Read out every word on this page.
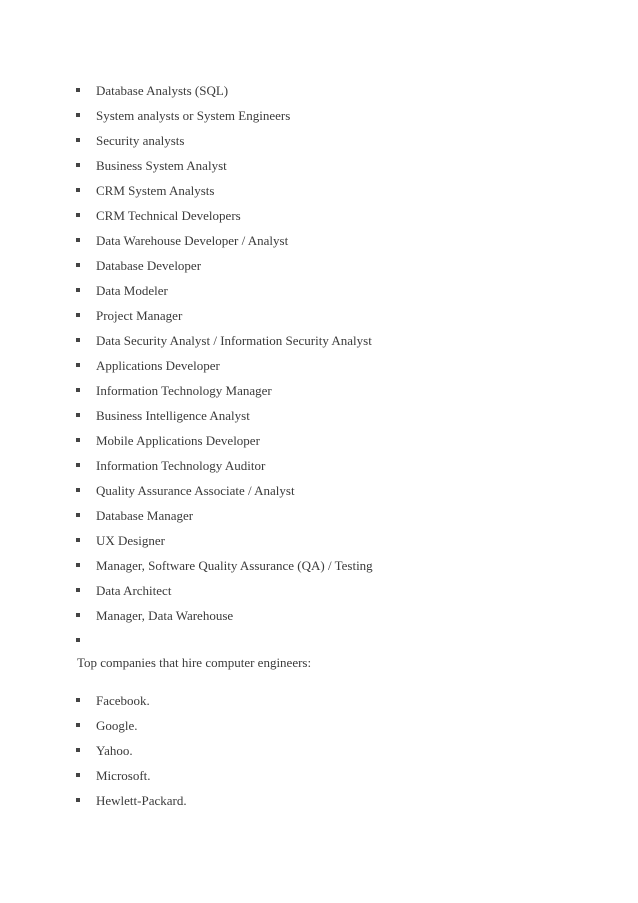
Database Analysts (SQL)
System analysts or System Engineers
Security analysts
Business System Analyst
CRM System Analysts
CRM Technical Developers
Data Warehouse Developer / Analyst
Database Developer
Data Modeler
Project Manager
Data Security Analyst / Information Security Analyst
Applications Developer
Information Technology Manager
Business Intelligence Analyst
Mobile Applications Developer
Information Technology Auditor
Quality Assurance Associate / Analyst
Database Manager
UX Designer
Manager, Software Quality Assurance (QA) / Testing
Data Architect
Manager, Data Warehouse
Top companies that hire computer engineers:
Facebook.
Google.
Yahoo.
Microsoft.
Hewlett-Packard.
